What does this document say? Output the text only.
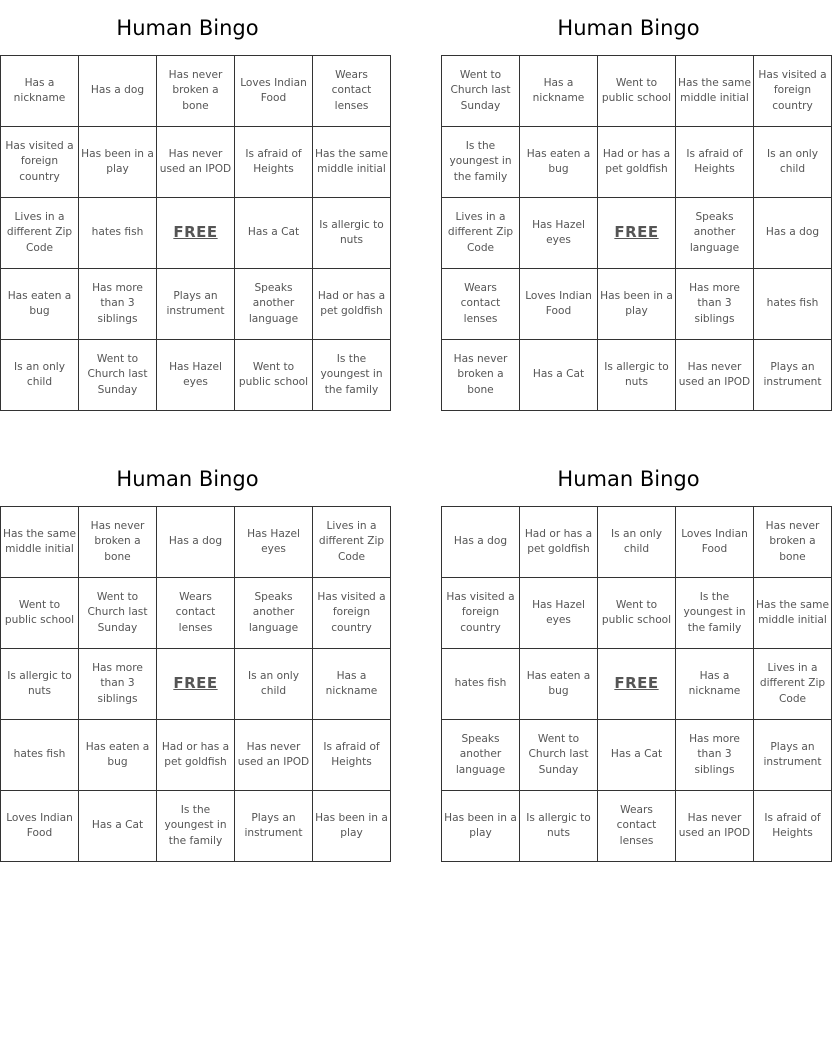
Human Bingo
Has a nickname	Has a dog	Has never broken a bone	Loves Indian Food	Wears contact lenses
Has visited a foreign country	Has been in a play	Has never used an IPOD	Is afraid of Heights	Has the same middle initial
Lives in a different Zip Code	hates fish	FREE	Has a Cat	Is allergic to nuts
Has eaten a bug	Has more than 3 siblings	Plays an instrument	Speaks another language	Had or has a pet goldfish
Is an only child	Went to Church last Sunday	Has Hazel eyes	Went to public school	Is the youngest in the family
Human Bingo
Went to Church last Sunday	Has a nickname	Went to public school	Has the same middle initial	Has visited a foreign country
Is the youngest in the family	Has eaten a bug	Had or has a pet goldfish	Is afraid of Heights	Is an only child
Lives in a different Zip Code	Has Hazel eyes	FREE	Speaks another language	Has a dog
Wears contact lenses	Loves Indian Food	Has been in a play	Has more than 3 siblings	hates fish
Has never broken a bone	Has a Cat	Is allergic to nuts	Has never used an IPOD	Plays an instrument
Human Bingo
Has the same middle initial	Has never broken a bone	Has a dog	Has Hazel eyes	Lives in a different Zip Code
Went to public school	Went to Church last Sunday	Wears contact lenses	Speaks another language	Has visited a foreign country
Is allergic to nuts	Has more than 3 siblings	FREE	Is an only child	Has a nickname
hates fish	Has eaten a bug	Had or has a pet goldfish	Has never used an IPOD	Is afraid of Heights
Loves Indian Food	Has a Cat	Is the youngest in the family	Plays an instrument	Has been in a play
Human Bingo
Has a dog	Had or has a pet goldfish	Is an only child	Loves Indian Food	Has never broken a bone
Has visited a foreign country	Has Hazel eyes	Went to public school	Is the youngest in the family	Has the same middle initial
hates fish	Has eaten a bug	FREE	Has a nickname	Lives in a different Zip Code
Speaks another language	Went to Church last Sunday	Has a Cat	Has more than 3 siblings	Plays an instrument
Has been in a play	Is allergic to nuts	Wears contact lenses	Has never used an IPOD	Is afraid of Heights
